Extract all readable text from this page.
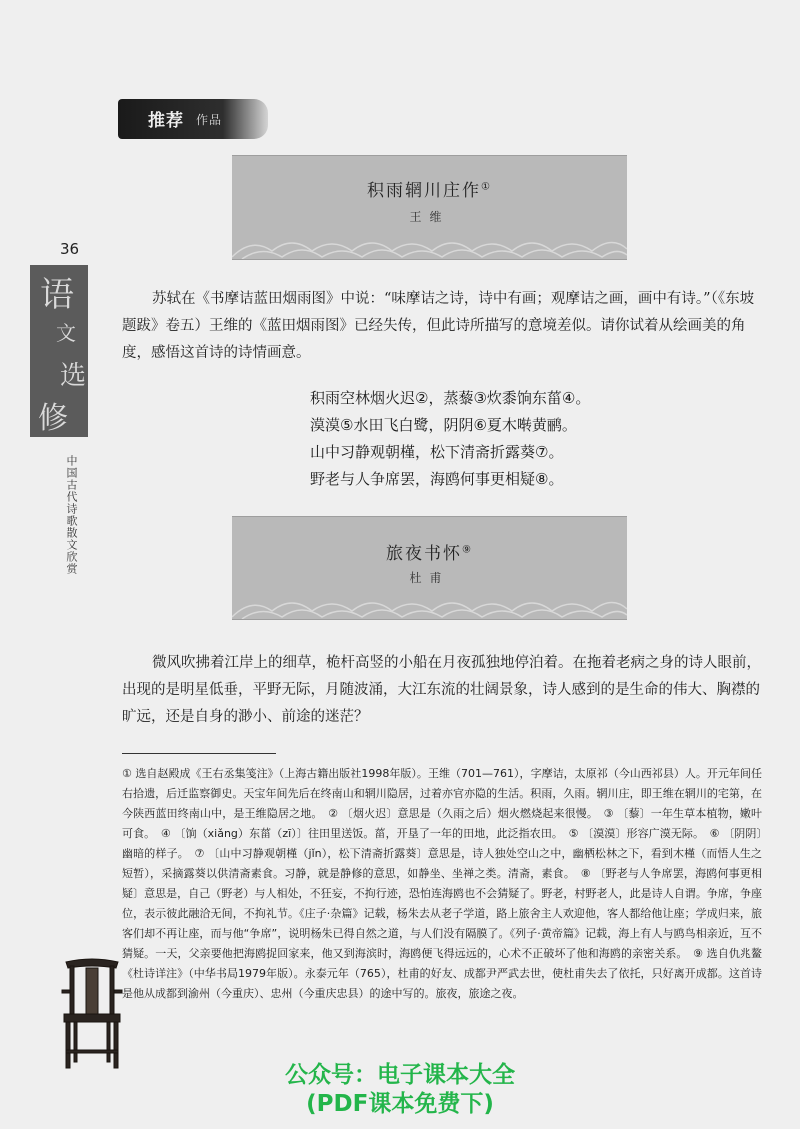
推荐 作品
36
语
文
选
修
中国古代诗歌散文欣赏
积雨辋川庄作①
王维
苏轼在《书摩诘蓝田烟雨图》中说：“味摩诘之诗，诗中有画；观摩诘之画，画中有诗。”（《东坡题跋》卷五）王维的《蓝田烟雨图》已经失传，但此诗所描写的意境差似。请你试着从绘画美的角度，感悟这首诗的诗情画意。
积雨空林烟火迟②，蒸藜③炊黍饷东菑④。
漠漠⑤水田飞白鹭，阴阴⑥夏木啭黄鹂。
山中习静观朝槿，松下清斋折露葵⑦。
野老与人争席罢，海鸥何事更相疑⑧。
旅夜书怀⑨
杜甫
微风吹拂着江岸上的细草，桅杆高竖的小船在月夜孤独地停泊着。在拖着老病之身的诗人眼前，出现的是明星低垂，平野无际，月随波涌，大江东流的壮阔景象，诗人感到的是生命的伟大、胸襟的旷远，还是自身的渺小、前途的迷茫？
① 选自赵殿成《王右丞集笺注》（上海古籍出版社1998年版）。王维（701—761），字摩诘，太原祁（今山西祁县）人。开元年间任右拾遗，后迁监察御史。天宝年间先后在终南山和辋川隐居，过着亦官亦隐的生活。积雨，久雨。辋川庄，即王维在辋川的宅第，在今陕西蓝田终南山中，是王维隐居之地。　② 〔烟火迟〕意思是（久雨之后）烟火燃烧起来很慢。　③ 〔藜〕一年生草本植物，嫩叶可食。　④ 〔饷（xiǎng）东菑（zī）〕往田里送饭。菑，开垦了一年的田地，此泛指农田。　⑤ 〔漠漠〕形容广漠无际。　⑥ 〔阴阴〕幽暗的样子。　⑦ 〔山中习静观朝槿（jǐn），松下清斋折露葵〕意思是，诗人独处空山之中，幽栖松林之下，看到木槿（而悟人生之短暂），采摘露葵以供清斋素食。习静，就是静修的意思，如静坐、坐禅之类。清斋，素食。　⑧ 〔野老与人争席罢，海鸥何事更相疑〕意思是，自己（野老）与人相处，不狂妄，不拘行迹，恐怕连海鸥也不会猜疑了。野老，村野老人，此是诗人自谓。争席，争座位，表示彼此融洽无间，不拘礼节。《庄子·杂篇》记载，杨朱去从老子学道，路上旅舍主人欢迎他，客人都给他让座；学成归来，旅客们却不再让座，而与他“争席”，说明杨朱已得自然之道，与人们没有隔膜了。《列子·黄帝篇》记载，海上有人与鸥鸟相亲近，互不猜疑。一天，父亲要他把海鸥捉回家来，他又到海滨时，海鸥便飞得远远的，心术不正破坏了他和海鸥的亲密关系。　⑨ 选自仇兆鳌《杜诗详注》（中华书局1979年版）。永泰元年（765），杜甫的好友、成都尹严武去世，使杜甫失去了依托，只好离开成都。这首诗是他从成都到渝州（今重庆）、忠州（今重庆忠县）的途中写的。旅夜，旅途之夜。
公众号：电子课本大全
(PDF课本免费下)
